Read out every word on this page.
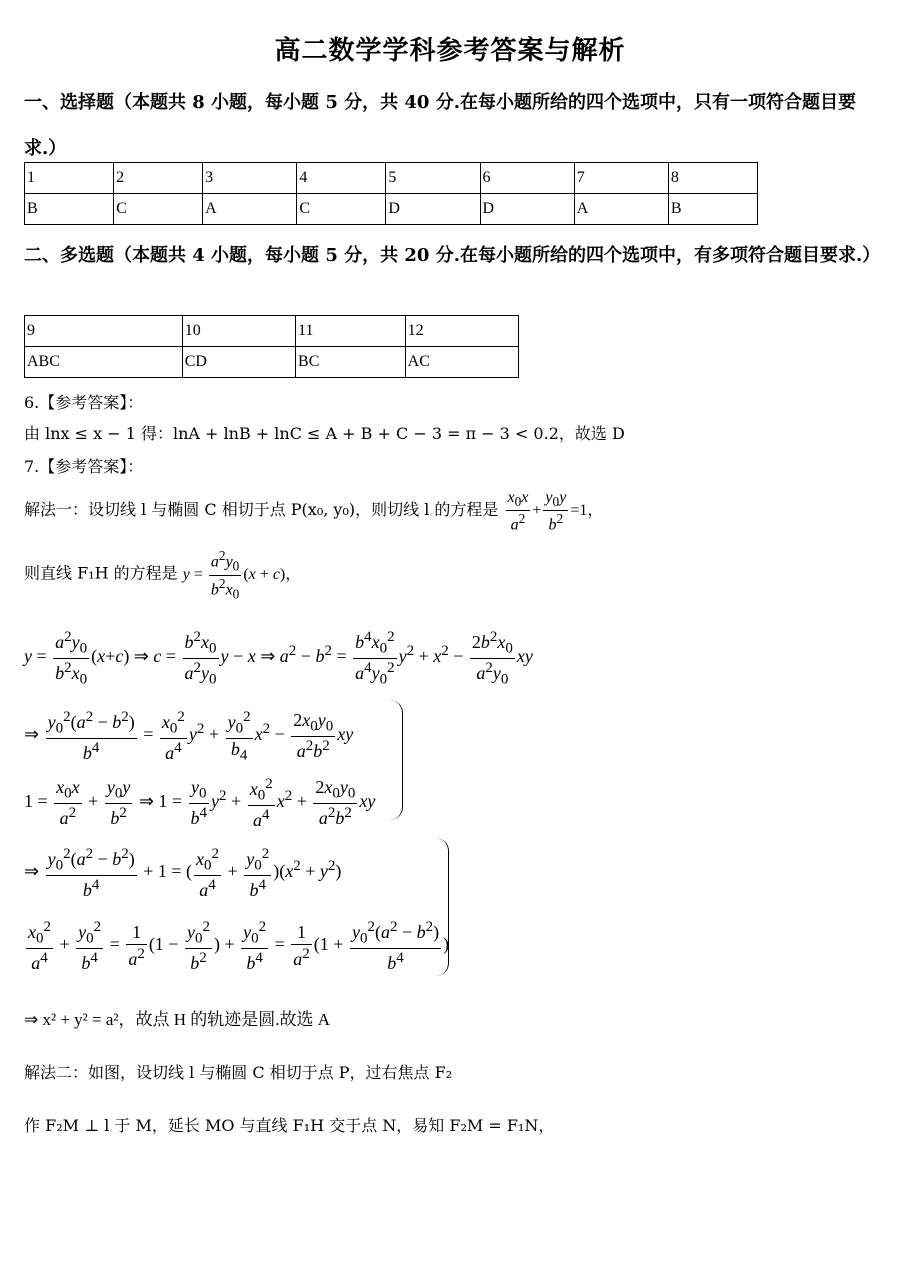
高二数学学科参考答案与解析
一、选择题（本题共 8 小题，每小题 5 分，共 40 分.在每小题所给的四个选项中，只有一项符合题目要求.）
1	2	3	4	5	6	7	8
B	C	A	C	D	D	A	B
二、多选题（本题共 4 小题，每小题 5 分，共 20 分.在每小题所给的四个选项中，有多项符合题目要求.）
9	10	11	12
ABC	CD	BC	AC
6.【参考答案】：
由 lnx ≤ x − 1 得：lnA + lnB + lnC ≤ A + B + C − 3 = π − 3 < 0.2，故选 D
7.【参考答案】：
解法一：设切线 l 与椭圆 C 相切于点 P(x₀, y₀)，则切线 l 的方程是 $\frac{x_0x}{a^2} + \frac{y_0y}{b^2} =1$，
则直线 F₁H 的方程是 $y = \frac{a^2y_0}{b^2x_0} (x + c)$，
$y = \frac{a^2y_0}{b^2x_0} (x+c)$ ⇒ $c = \frac{b^2x_0}{a^2y_0}$ y − x ⇒ $a^2 - b^2 = \frac{b^4x_0^2}{a^4y_0^2} y^2 + x^2 - \frac{2b^2x_0}{a^2y_0}$ xy
⇒ $\frac{y_0^2(a^2 - b^2)}{b^4} = \frac{x_0^2}{a^4} y^2 + \frac{y_0^2}{b_4} x^2 - \frac{2x_0y_0}{a^2b^2}$ xy
$1 = \frac{x_0x}{a^2} + \frac{y_0y}{b^2}$ ⇒ $1 = \frac{y_0}{b^4} y^2 + \frac{x_0^2}{a^4} x^2 + \frac{2x_0y_0}{a^2b^2}$ xy
⇒ $\frac{y_0^2(a^2 - b^2)}{b^4} + 1$ = ( $\frac{x_0^2}{a^4} + \frac{y_0^2}{b^4} )(x^2 + y^2)$
$\frac{x_0^2}{a^4} + \frac{y_0^2}{b^4} = \frac{1}{a^2} (1 - \frac{y_0^2}{b^2}$ ) + $\frac{y_0^2}{b^4} = \frac{1}{a^2} (1 + \frac{y_0^2(a^2 - b^2)}{b^4}$ )
⇒ x² + y² = a²，故点 H 的轨迹是圆.故选 A
解法二：如图，设切线 l 与椭圆 C 相切于点 P，过右焦点 F₂
作 F₂M ⊥ l 于 M，延长 MO 与直线 F₁H 交于点 N，易知 F₂M = F₁N，
